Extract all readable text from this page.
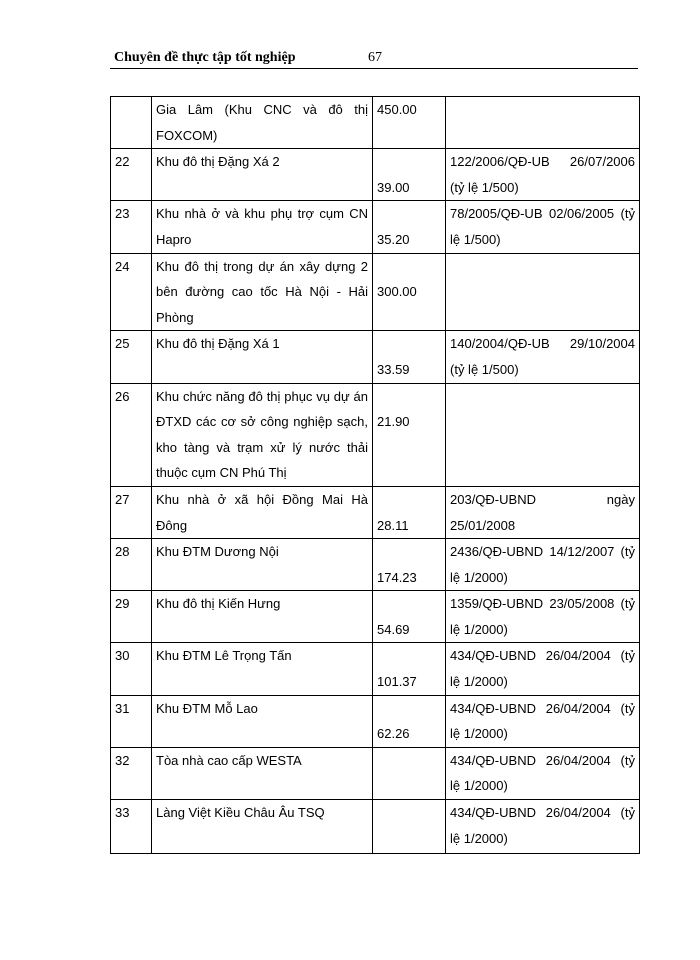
Chuyên đề thực tập tốt nghiệp	67
	Gia Lâm (Khu CNC và đô thị FOXCOM)	450.00	
22	Khu đô thị Đặng Xá 2	39.00	122/2006/QĐ-UB 26/07/2006 (tỷ lệ 1/500)
23	Khu nhà ở và khu phụ trợ cụm CN Hapro	35.20	78/2005/QĐ-UB 02/06/2005 (tỷ lệ 1/500)
24	Khu đô thị trong dự án xây dựng 2 bên đường cao tốc Hà Nội - Hải Phòng	300.00	
25	Khu đô thị Đặng Xá 1	33.59	140/2004/QĐ-UB 29/10/2004 (tỷ lệ 1/500)
26	Khu chức năng đô thị phục vụ dự án ĐTXD các cơ sở công nghiệp sạch, kho tàng và trạm xử lý nước thải thuộc cụm CN Phú Thị	21.90	
27	Khu nhà ở xã hội Đồng Mai Hà Đông	28.11	203/QĐ-UBND ngày 25/01/2008
28	Khu ĐTM Dương Nội	174.23	2436/QĐ-UBND 14/12/2007 (tỷ lệ 1/2000)
29	Khu đô thị Kiến Hưng	54.69	1359/QĐ-UBND 23/05/2008 (tỷ lệ 1/2000)
30	Khu ĐTM Lê Trọng Tấn	101.37	434/QĐ-UBND 26/04/2004 (tỷ lệ 1/2000)
31	Khu ĐTM Mỗ Lao	62.26	434/QĐ-UBND 26/04/2004 (tỷ lệ 1/2000)
32	Tòa nhà cao cấp WESTA		434/QĐ-UBND 26/04/2004 (tỷ lệ 1/2000)
33	Làng Việt Kiều Châu Âu TSQ		434/QĐ-UBND 26/04/2004 (tỷ lệ 1/2000)
